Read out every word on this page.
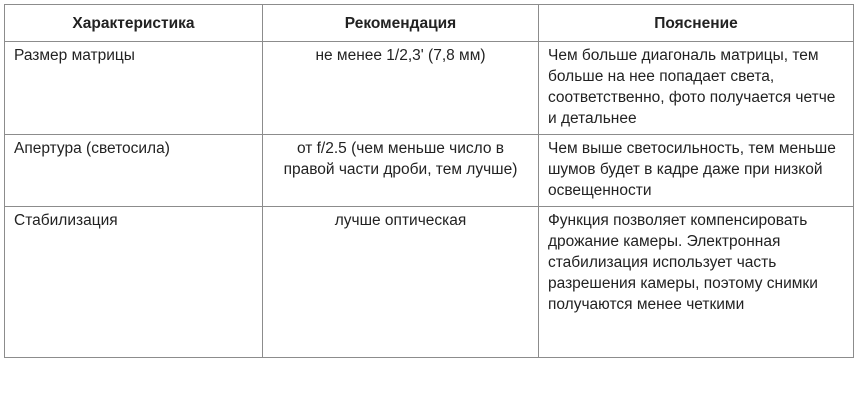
Характеристика	Рекомендация	Пояснение
Размер матрицы	не менее 1/2,3' (7,8 мм)	Чем больше диагональ матрицы, тем больше на нее попадает света, соответственно, фото получается четче и детальнее
Апертура (светосила)	от f/2.5 (чем меньше число в правой части дроби, тем лучше)	Чем выше светосильность, тем меньше шумов будет в кадре даже при низкой освещенности
Стабилизация	лучше оптическая	Функция позволяет компенсировать дрожание камеры. Электронная стабилизация использует часть разрешения камеры, поэтому снимки получаются менее четкими
